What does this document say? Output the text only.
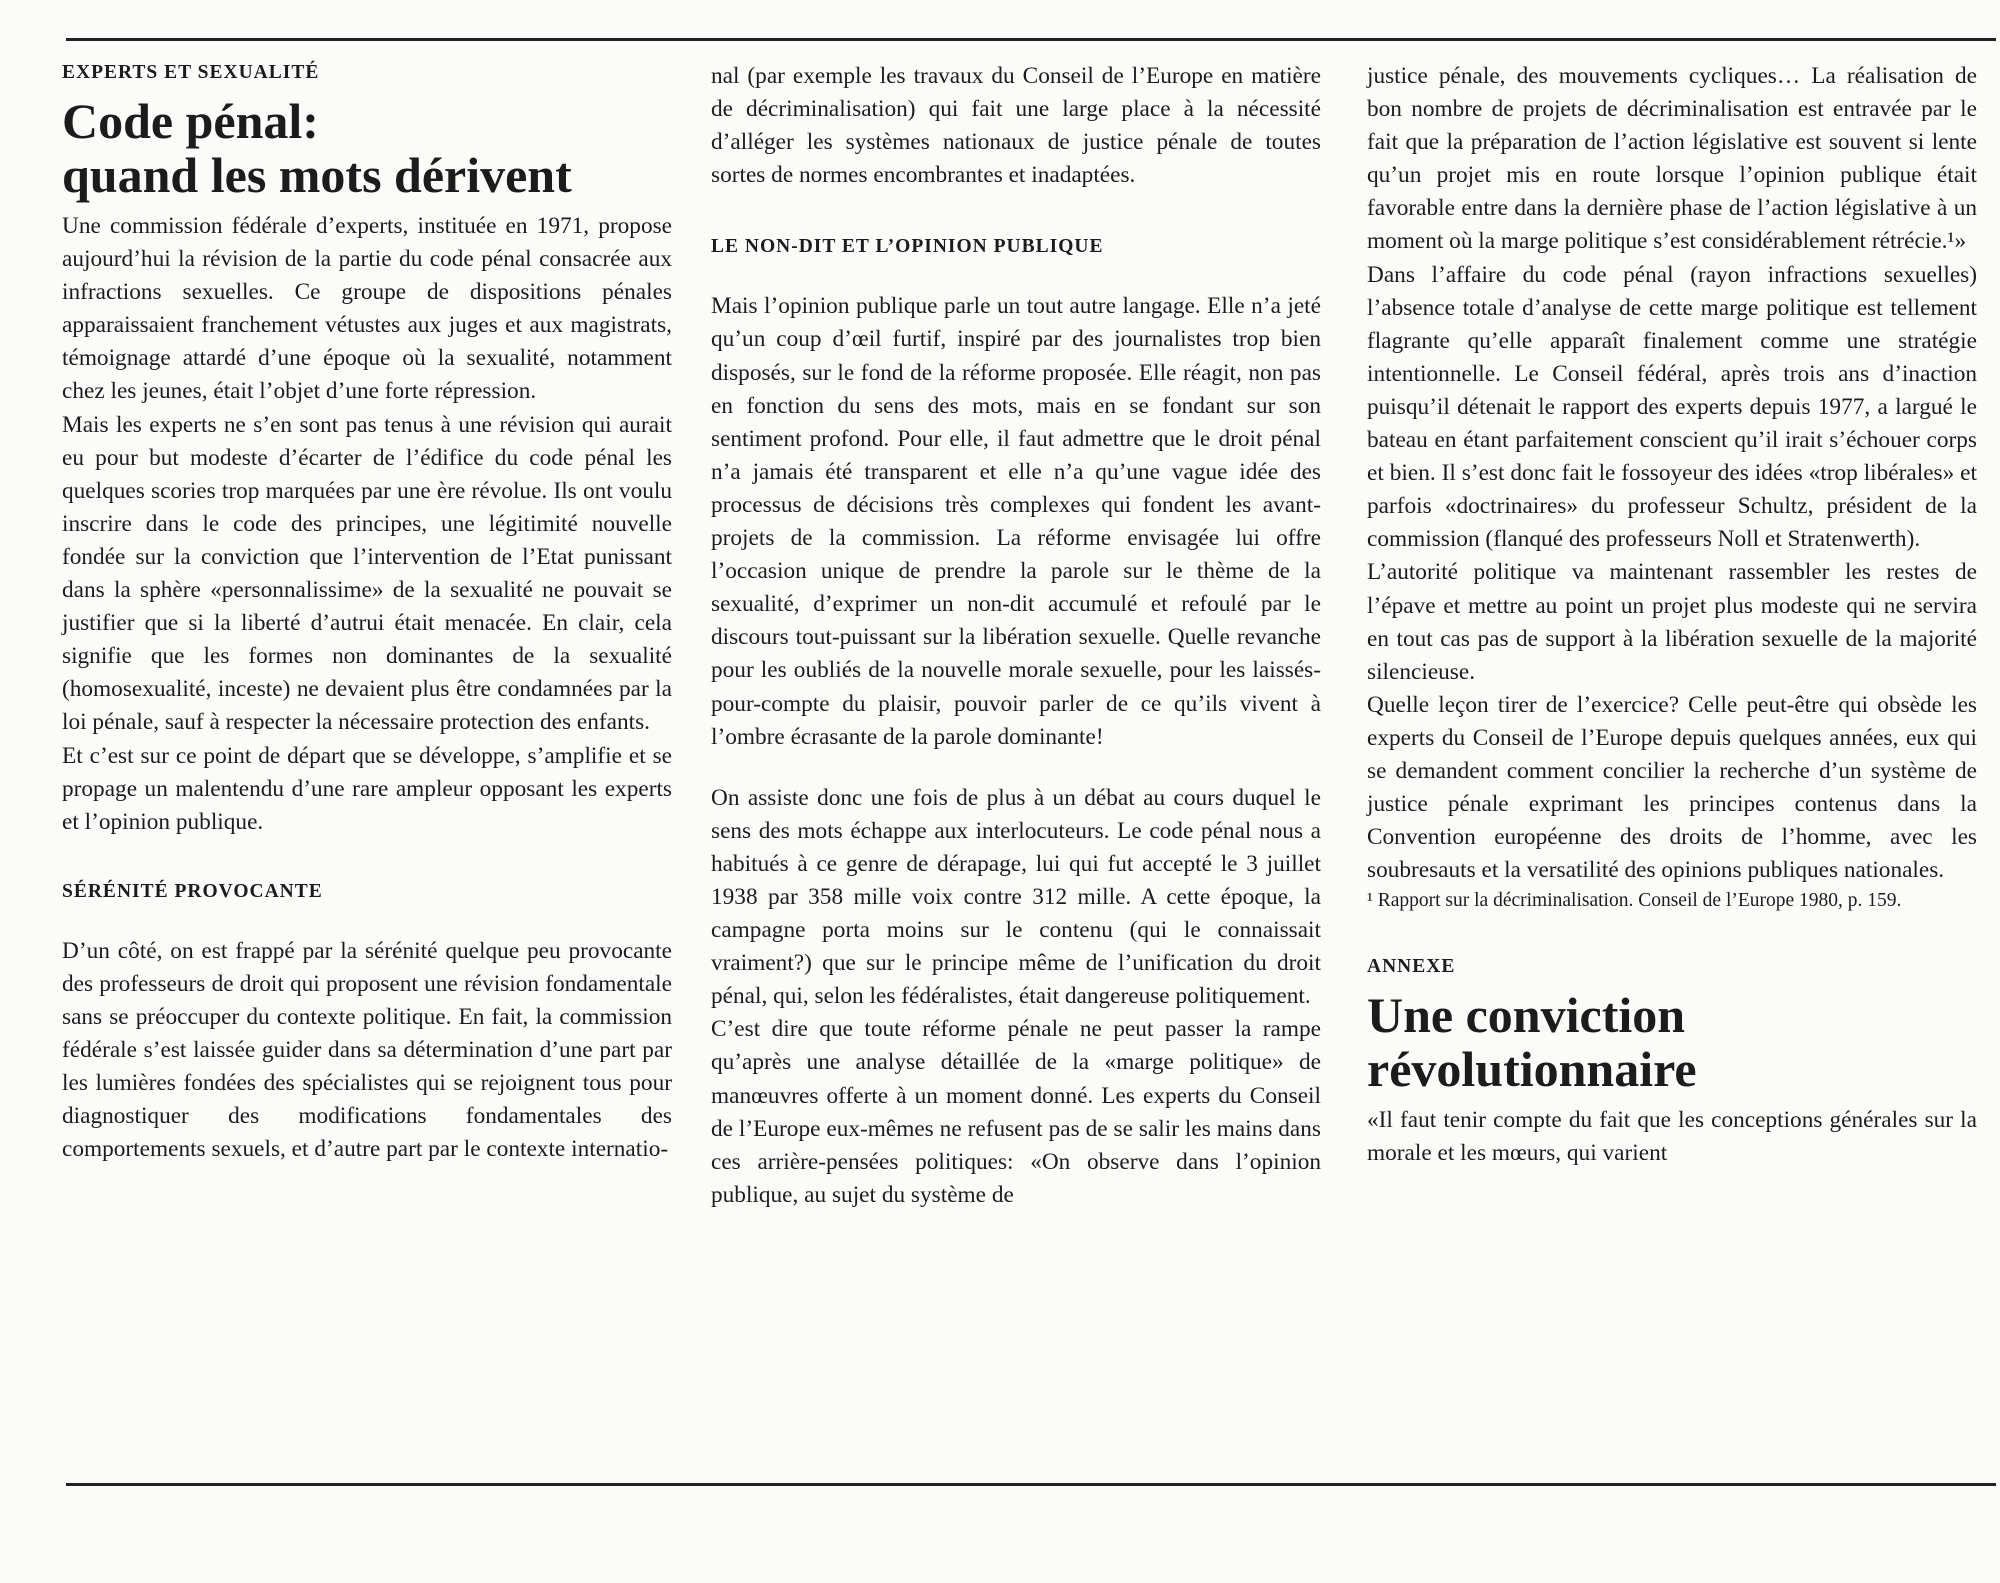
EXPERTS ET SEXUALITÉ

Code pénal:
quand les mots dérivent

Une commission fédérale d’experts, instituée en 1971, propose aujourd’hui la révision de la partie du code pénal consacrée aux infractions sexuelles. Ce groupe de dispositions pénales apparaissaient franchement vétustes aux juges et aux magistrats, témoignage attardé d’une époque où la sexualité, notamment chez les jeunes, était l’objet d’une forte répression.

Mais les experts ne s’en sont pas tenus à une révision qui aurait eu pour but modeste d’écarter de l’édifice du code pénal les quelques scories trop marquées par une ère révolue. Ils ont voulu inscrire dans le code des principes, une légitimité nouvelle fondée sur la conviction que l’intervention de l’Etat punissant dans la sphère «personnalissime» de la sexualité ne pouvait se justifier que si la liberté d’autrui était menacée. En clair, cela signifie que les formes non dominantes de la sexualité (homosexualité, inceste) ne devaient plus être condamnées par la loi pénale, sauf à respecter la nécessaire protection des enfants.

Et c’est sur ce point de départ que se développe, s’amplifie et se propage un malentendu d’une rare ampleur opposant les experts et l’opinion publique.

SÉRÉNITÉ PROVOCANTE

D’un côté, on est frappé par la sérénité quelque peu provocante des professeurs de droit qui proposent une révision fondamentale sans se préoccuper du contexte politique. En fait, la commission fédérale s’est laissée guider dans sa détermination d’une part par les lumières fondées des spécialistes qui se rejoignent tous pour diagnostiquer des modifications fondamentales des comportements sexuels, et d’autre part par le contexte internatio-

nal (par exemple les travaux du Conseil de l’Europe en matière de décriminalisation) qui fait une large place à la nécessité d’alléger les systèmes nationaux de justice pénale de toutes sortes de normes encombrantes et inadaptées.

LE NON-DIT ET L’OPINION PUBLIQUE

Mais l’opinion publique parle un tout autre langage. Elle n’a jeté qu’un coup d’œil furtif, inspiré par des journalistes trop bien disposés, sur le fond de la réforme proposée. Elle réagit, non pas en fonction du sens des mots, mais en se fondant sur son sentiment profond. Pour elle, il faut admettre que le droit pénal n’a jamais été transparent et elle n’a qu’une vague idée des processus de décisions très complexes qui fondent les avant-projets de la commission. La réforme envisagée lui offre l’occasion unique de prendre la parole sur le thème de la sexualité, d’exprimer un non-dit accumulé et refoulé par le discours tout-puissant sur la libération sexuelle. Quelle revanche pour les oubliés de la nouvelle morale sexuelle, pour les laissés-pour-compte du plaisir, pouvoir parler de ce qu’ils vivent à l’ombre écrasante de la parole dominante!

On assiste donc une fois de plus à un débat au cours duquel le sens des mots échappe aux interlocuteurs. Le code pénal nous a habitués à ce genre de dérapage, lui qui fut accepté le 3 juillet 1938 par 358 mille voix contre 312 mille. A cette époque, la campagne porta moins sur le contenu (qui le connaissait vraiment?) que sur le principe même de l’unification du droit pénal, qui, selon les fédéralistes, était dangereuse politiquement.

C’est dire que toute réforme pénale ne peut passer la rampe qu’après une analyse détaillée de la «marge politique» de manœuvres offerte à un moment donné. Les experts du Conseil de l’Europe eux-mêmes ne refusent pas de se salir les mains dans ces arrière-pensées politiques: «On observe dans l’opinion publique, au sujet du système de

justice pénale, des mouvements cycliques… La réalisation de bon nombre de projets de décriminalisation est entravée par le fait que la préparation de l’action législative est souvent si lente qu’un projet mis en route lorsque l’opinion publique était favorable entre dans la dernière phase de l’action législative à un moment où la marge politique s’est considérablement rétrécie.¹»

Dans l’affaire du code pénal (rayon infractions sexuelles) l’absence totale d’analyse de cette marge politique est tellement flagrante qu’elle apparaît finalement comme une stratégie intentionnelle. Le Conseil fédéral, après trois ans d’inaction puisqu’il détenait le rapport des experts depuis 1977, a largué le bateau en étant parfaitement conscient qu’il irait s’échouer corps et bien. Il s’est donc fait le fossoyeur des idées «trop libérales» et parfois «doctrinaires» du professeur Schultz, président de la commission (flanqué des professeurs Noll et Stratenwerth).

L’autorité politique va maintenant rassembler les restes de l’épave et mettre au point un projet plus modeste qui ne servira en tout cas pas de support à la libération sexuelle de la majorité silencieuse.

Quelle leçon tirer de l’exercice? Celle peut-être qui obsède les experts du Conseil de l’Europe depuis quelques années, eux qui se demandent comment concilier la recherche d’un système de justice pénale exprimant les principes contenus dans la Convention européenne des droits de l’homme, avec les soubresauts et la versatilité des opinions publiques nationales.

¹ Rapport sur la décriminalisation. Conseil de l’Europe 1980, p. 159.

ANNEXE

Une conviction
révolutionnaire

«Il faut tenir compte du fait que les conceptions générales sur la morale et les mœurs, qui varient
